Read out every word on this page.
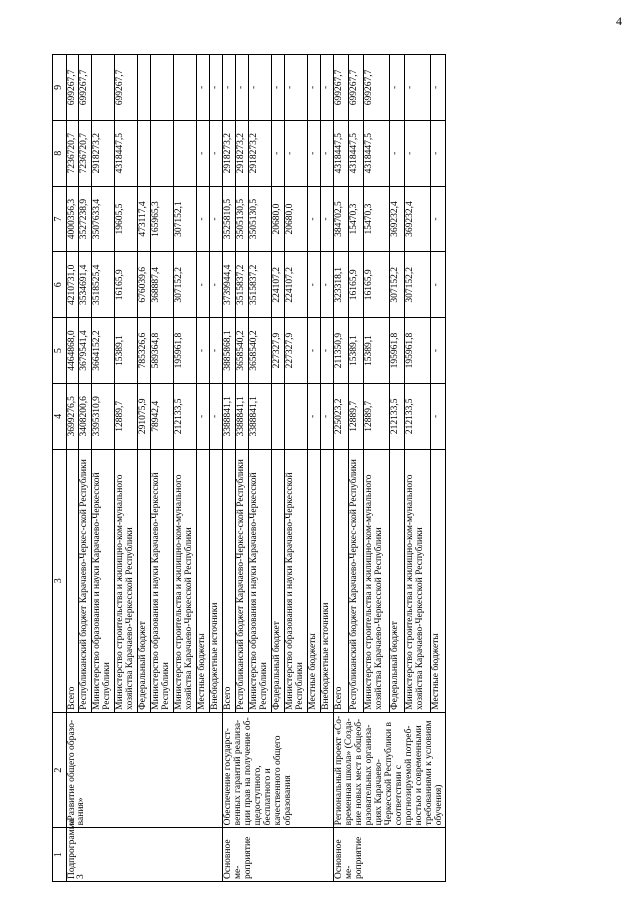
4
1	2	3	4	5	6	7	8	9
Подпрограмма 3	«Развитие общего образо-вания»	Всего	3699276,5	4464868,0	4210731,0	4000356,3	7236720,7	699267,7
		Республиканский бюджет Карачаево-Черкес-ской Республики	3408200,6	3679541,4	3534691,4	3527238,9	7236720,7	699267,7
		Министерство образования и науки Карачаево-Черкесской Республики	3395310,9	3664152,2	3518525,4	3507633,4	2918273,2	
		Министерство строительства и жилищно-ком-мунального хозяйства Карачаево-Черкесской Республики	12889,7	15389,1	16165,9	19605,5	4318447,5	699267,7
		Федеральный бюджет	291075,9	785326,6	676039,6	473117,4		
		Министерство образования и науки Карачаево-Черкесской Республики	78942,4	589364,8	368887,4	165965,3		
		Министерство строительства и жилищно-ком-мунального хозяйства Карачаево-Черкесской Республики	212133,5	195961,8	307152,2	307152,1		
		Местные бюджеты	-	-	-	-	-	-
		Внебюджетные источники	-	-	-	-	-	-
Основное ме-роприятие	Обеспечение государст-венных гарантий реализа-ции прав на получение об-щедоступного, бесплатного и качественного общего образования	Всего	3388841,1	3885868,1	3739944,4	3525810,5	2918273,2	-
		Республиканский бюджет Карачаево-Черкес-ской Республики	3388841,1	3658540,2	3515837,2	3505130,5	2918273,2	-
		Министерство образования и науки Карачаево-Черкесской Республики	3388841,1	3658540,2	3515837,2	3505130,5	2918273,2	-
		Федеральный бюджет		227327,9	224107,2	20680,0	-	-
		Министерство образования и науки Карачаево-Черкесской Республики		227327,9	224107,2	20680,0	-	-
		Местные бюджеты	-	-	-	-	-	-
		Внебюджетные источники	-	-	-	-	-	-
Основное ме-роприятие	Региональный проект «Со-временная школа» (Созда-ние новых мест в общеоб-разовательных организа-циях Карачаево-Черкесской Республики в соответствии с прогнозируемой потреб-ностью и современными требованиями к условиям обучения)	Всего	225023,2	211350,9	323318,1	384702,5	4318447,5	699267,7
		Республиканский бюджет Карачаево-Черкес-ской Республики	12889,7	15389,1	16165,9	15470,3	4318447,5	699267,7
		Министерство строительства и жилищно-ком-мунального хозяйства Карачаево-Черкесской Республики	12889,7	15389,1	16165,9	15470,3	4318447,5	699267,7
		Федеральный бюджет	212133,5	195961,8	307152,2	369232,4	-	-
		Министерство строительства и жилищно-ком-мунального хозяйства Карачаево-Черкесской Республики	212133,5	195961,8	307152,2	369232,4	-	-
		Местные бюджеты	-	-	-	-	-	-
